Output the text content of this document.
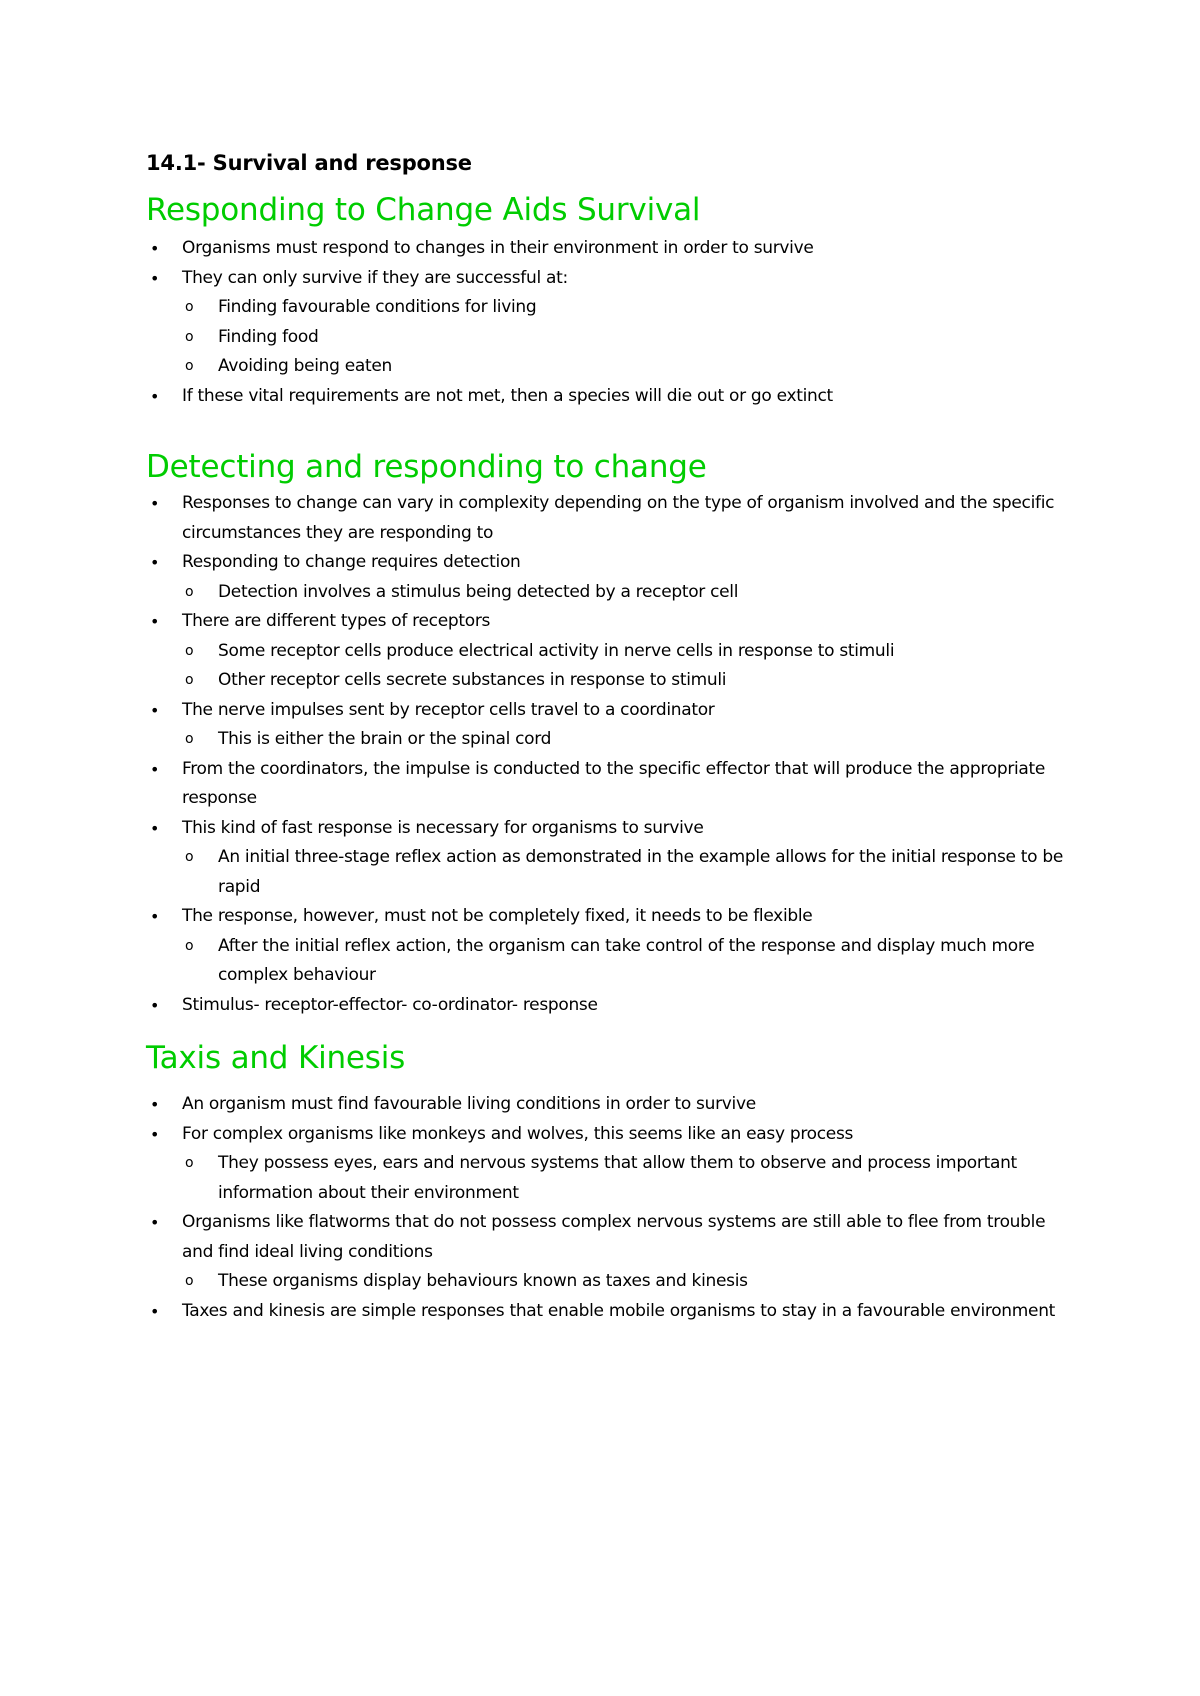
14.1- Survival and response
Responding to Change Aids Survival
• Organisms must respond to changes in their environment in order to survive
• They can only survive if they are successful at:
o Finding favourable conditions for living
o Finding food
o Avoiding being eaten
• If these vital requirements are not met, then a species will die out or go extinct
Detecting and responding to change
• Responses to change can vary in complexity depending on the type of organism involved and the specific circumstances they are responding to
• Responding to change requires detection
o Detection involves a stimulus being detected by a receptor cell
• There are different types of receptors
o Some receptor cells produce electrical activity in nerve cells in response to stimuli
o Other receptor cells secrete substances in response to stimuli
• The nerve impulses sent by receptor cells travel to a coordinator
o This is either the brain or the spinal cord
• From the coordinators, the impulse is conducted to the specific effector that will produce the appropriate response
• This kind of fast response is necessary for organisms to survive
o An initial three-stage reflex action as demonstrated in the example allows for the initial response to be rapid
• The response, however, must not be completely fixed, it needs to be flexible
o After the initial reflex action, the organism can take control of the response and display much more complex behaviour
• Stimulus- receptor-effector- co-ordinator- response
Taxis and Kinesis
• An organism must find favourable living conditions in order to survive
• For complex organisms like monkeys and wolves, this seems like an easy process
o They possess eyes, ears and nervous systems that allow them to observe and process important information about their environment
• Organisms like flatworms that do not possess complex nervous systems are still able to flee from trouble and find ideal living conditions
o These organisms display behaviours known as taxes and kinesis
• Taxes and kinesis are simple responses that enable mobile organisms to stay in a favourable environment
